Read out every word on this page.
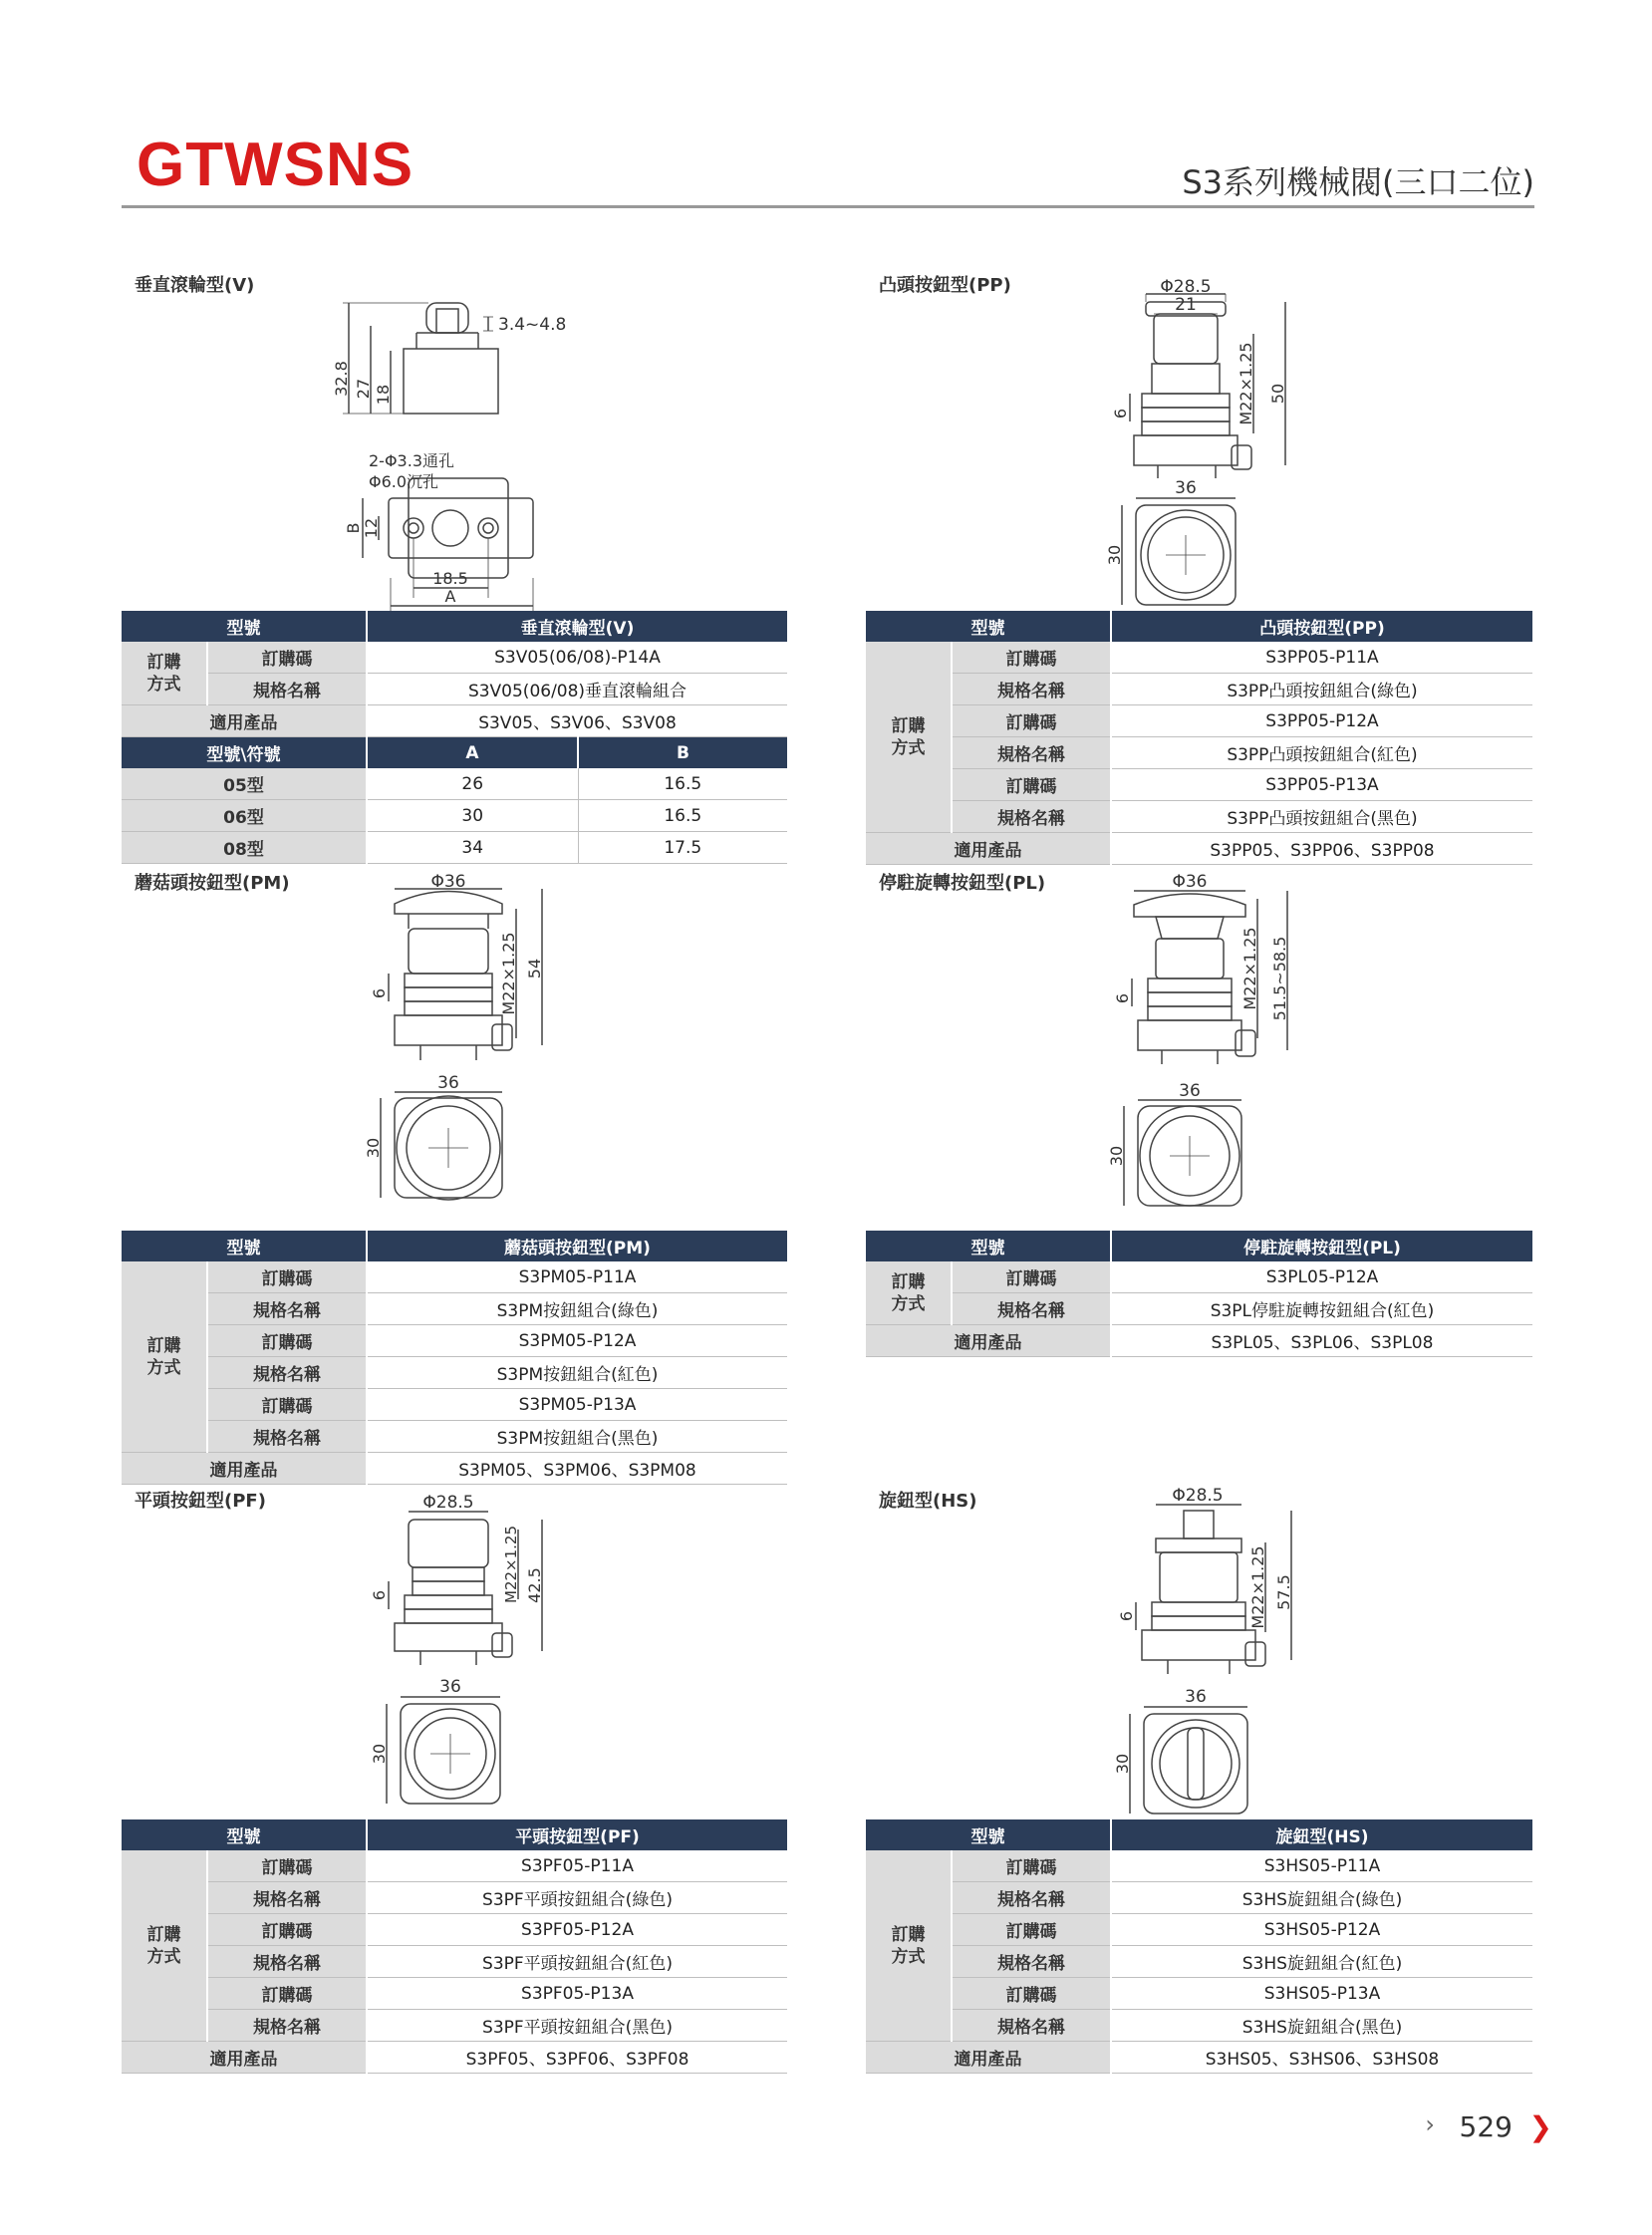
GTWSNS	S3系列機械閥(三口二位)
垂直滾輪型(V)
32.8 27 18
3.4~4.8
2-Φ3.3通孔
Φ6.0沉孔
B 12
18.5
A
型號		垂直滾輪型(V)	
訂購
方式	訂購碼	S3V05(06/08)-P14A	
	規格名稱	S3V05(06/08)垂直滾輪組合	
適用產品		S3V05、S3V06、S3V08	
型號\符號		A	B
05型		26	16.5
06型		30	16.5
08型		34	17.5
凸頭按鈕型(PP)	Φ28.5
21
M22×1.25 50
6
36
30
型號		凸頭按鈕型(PP)
訂購
方式	訂購碼	S3PP05-P11A
	規格名稱	S3PP凸頭按鈕組合(綠色)
	訂購碼	S3PP05-P12A
	規格名稱	S3PP凸頭按鈕組合(紅色)
	訂購碼	S3PP05-P13A
	規格名稱	S3PP凸頭按鈕組合(黑色)
適用產品		S3PP05、S3PP06、S3PP08
蘑菇頭按鈕型(PM)	Φ36
M22×1.25 54
6
36
30
型號		蘑菇頭按鈕型(PM)
訂購
方式	訂購碼	S3PM05-P11A
	規格名稱	S3PM按鈕組合(綠色)
	訂購碼	S3PM05-P12A
	規格名稱	S3PM按鈕組合(紅色)
	訂購碼	S3PM05-P13A
	規格名稱	S3PM按鈕組合(黑色)
適用產品		S3PM05、S3PM06、S3PM08
停駐旋轉按鈕型(PL)	Φ36
M22×1.25 51.5~58.5
6
36
30
型號		停駐旋轉按鈕型(PL)
訂購
方式	訂購碼	S3PL05-P12A
	規格名稱	S3PL停駐旋轉按鈕組合(紅色)
適用產品		S3PL05、S3PL06、S3PL08
平頭按鈕型(PF)	Φ28.5
M22×1.25 42.5
6
36
30
型號		平頭按鈕型(PF)
訂購
方式	訂購碼	S3PF05-P11A
	規格名稱	S3PF平頭按鈕組合(綠色)
	訂購碼	S3PF05-P12A
	規格名稱	S3PF平頭按鈕組合(紅色)
	訂購碼	S3PF05-P13A
	規格名稱	S3PF平頭按鈕組合(黑色)
適用產品		S3PF05、S3PF06、S3PF08
旋鈕型(HS)	Φ28.5
M22×1.25 57.5
6
36
30
型號		旋鈕型(HS)
訂購
方式	訂購碼	S3HS05-P11A
	規格名稱	S3HS旋鈕組合(綠色)
	訂購碼	S3HS05-P12A
	規格名稱	S3HS旋鈕組合(紅色)
	訂購碼	S3HS05-P13A
	規格名稱	S3HS旋鈕組合(黑色)
適用產品		S3HS05、S3HS06、S3HS08
› 529 ❯
